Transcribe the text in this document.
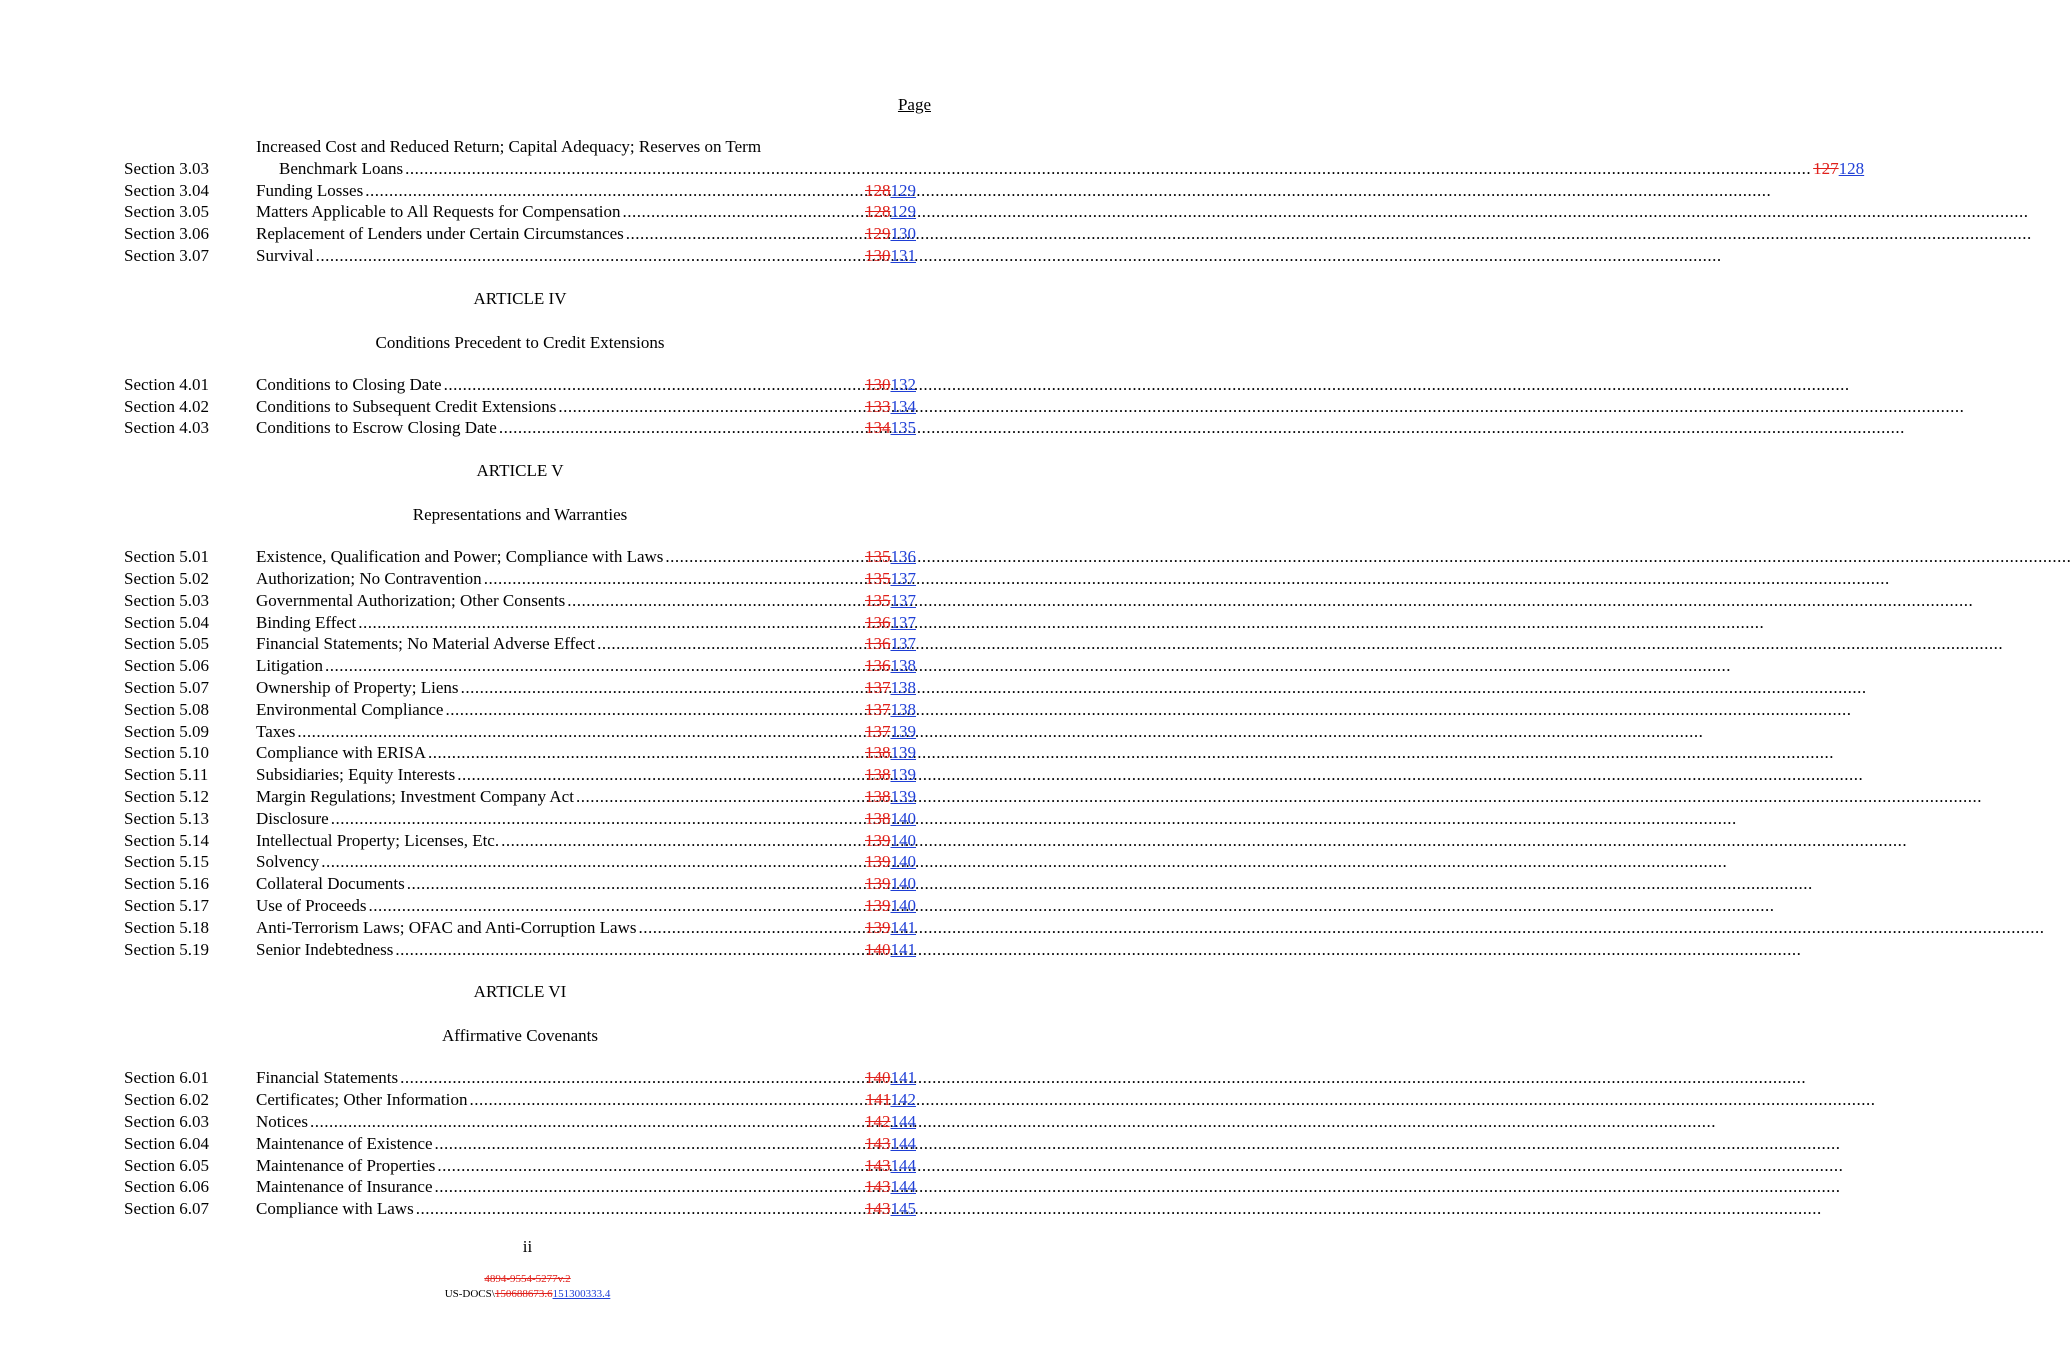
Page
Section 3.03
Increased Cost and Reduced Return; Capital Adequacy; Reserves on Term
Benchmark Loans .....	127128
Section 3.04	Funding Losses .....	128129
Section 3.05	Matters Applicable to All Requests for Compensation .....	128129
Section 3.06	Replacement of Lenders under Certain Circumstances .....	129130
Section 3.07	Survival .....	130131
ARTICLE IV
Conditions Precedent to Credit Extensions
Section 4.01	Conditions to Closing Date .....	130132
Section 4.02	Conditions to Subsequent Credit Extensions .....	133134
Section 4.03	Conditions to Escrow Closing Date .....	134135
ARTICLE V
Representations and Warranties
Section 5.01	Existence, Qualification and Power; Compliance with Laws .....	135136
Section 5.02	Authorization; No Contravention .....	135137
Section 5.03	Governmental Authorization; Other Consents .....	135137
Section 5.04	Binding Effect .....	136137
Section 5.05	Financial Statements; No Material Adverse Effect .....	136137
Section 5.06	Litigation .....	136138
Section 5.07	Ownership of Property; Liens .....	137138
Section 5.08	Environmental Compliance .....	137138
Section 5.09	Taxes .....	137139
Section 5.10	Compliance with ERISA .....	138139
Section 5.11	Subsidiaries; Equity Interests .....	138139
Section 5.12	Margin Regulations; Investment Company Act .....	138139
Section 5.13	Disclosure .....	138140
Section 5.14	Intellectual Property; Licenses, Etc. .....	139140
Section 5.15	Solvency .....	139140
Section 5.16	Collateral Documents .....	139140
Section 5.17	Use of Proceeds .....	139140
Section 5.18	Anti-Terrorism Laws; OFAC and Anti-Corruption Laws .....	139141
Section 5.19	Senior Indebtedness .....	140141
ARTICLE VI
Affirmative Covenants
Section 6.01	Financial Statements .....	140141
Section 6.02	Certificates; Other Information .....	141142
Section 6.03	Notices .....	142144
Section 6.04	Maintenance of Existence .....	143144
Section 6.05	Maintenance of Properties .....	143144
Section 6.06	Maintenance of Insurance .....	143144
Section 6.07	Compliance with Laws .....	143145
ii
4894-9554-5277v.2
US-DOCS\150688673.6151300333.4
